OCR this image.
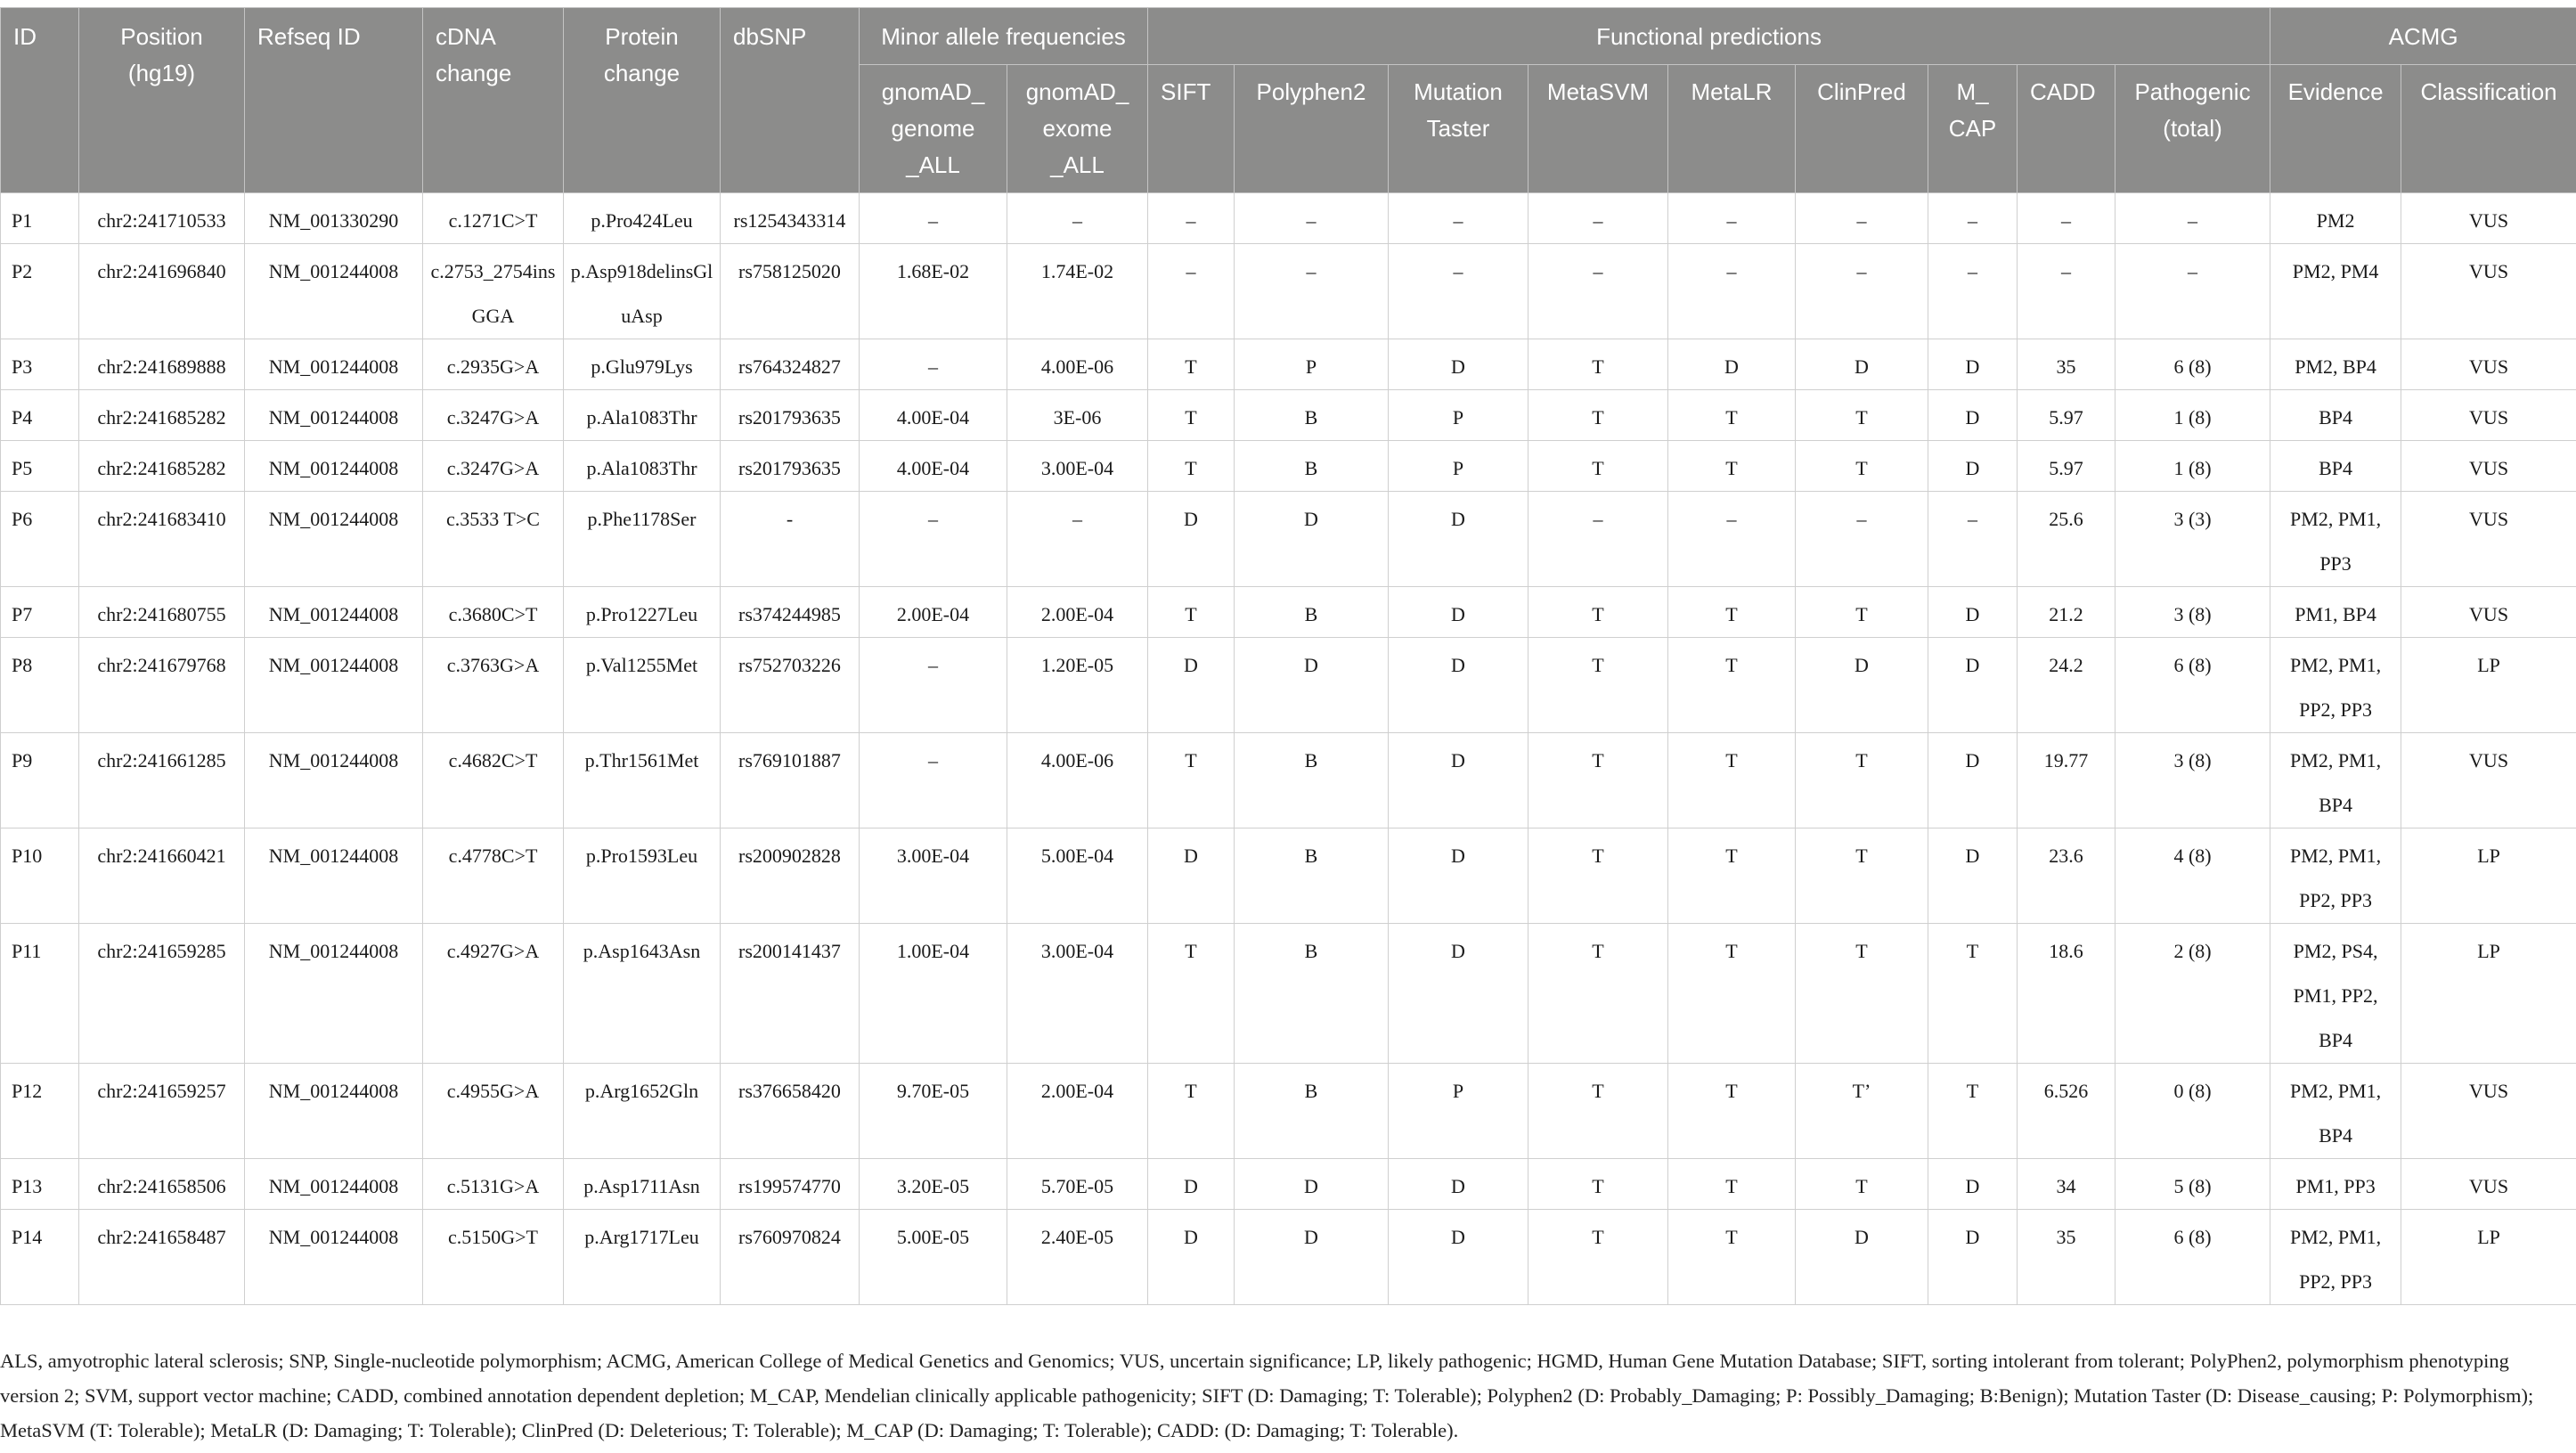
ID	Position (hg19)	Refseq ID	cDNA change	Protein change	dbSNP	Minor allele frequencies		Functional predictions									ACMG	
						gnomAD_ genome _ALL	gnomAD_ exome _ALL	SIFT	Polyphen2	Mutation Taster	MetaSVM	MetaLR	ClinPred	M_ CAP	CADD	Pathogenic (total)	Evidence	Classification
P1	chr2:241710533	NM_001330290	c.1271C>T	p.Pro424Leu	rs1254343314	–	–	–	–	–	–	–	–	–	–	–	PM2	VUS
P2	chr2:241696840	NM_001244008	c.2753_2754insGGA	p.Asp918delinsGluAsp	rs758125020	1.68E-02	1.74E-02	–	–	–	–	–	–	–	–	–	PM2, PM4	VUS
P3	chr2:241689888	NM_001244008	c.2935G>A	p.Glu979Lys	rs764324827	–	4.00E-06	T	P	D	T	D	D	D	35	6 (8)	PM2, BP4	VUS
P4	chr2:241685282	NM_001244008	c.3247G>A	p.Ala1083Thr	rs201793635	4.00E-04	3E-06	T	B	P	T	T	T	D	5.97	1 (8)	BP4	VUS
P5	chr2:241685282	NM_001244008	c.3247G>A	p.Ala1083Thr	rs201793635	4.00E-04	3.00E-04	T	B	P	T	T	T	D	5.97	1 (8)	BP4	VUS
P6	chr2:241683410	NM_001244008	c.3533 T>C	p.Phe1178Ser	-	–	–	D	D	D	–	–	–	–	25.6	3 (3)	PM2, PM1, PP3	VUS
P7	chr2:241680755	NM_001244008	c.3680C>T	p.Pro1227Leu	rs374244985	2.00E-04	2.00E-04	T	B	D	T	T	T	D	21.2	3 (8)	PM1, BP4	VUS
P8	chr2:241679768	NM_001244008	c.3763G>A	p.Val1255Met	rs752703226	–	1.20E-05	D	D	D	T	T	D	D	24.2	6 (8)	PM2, PM1, PP2, PP3	LP
P9	chr2:241661285	NM_001244008	c.4682C>T	p.Thr1561Met	rs769101887	–	4.00E-06	T	B	D	T	T	T	D	19.77	3 (8)	PM2, PM1, BP4	VUS
P10	chr2:241660421	NM_001244008	c.4778C>T	p.Pro1593Leu	rs200902828	3.00E-04	5.00E-04	D	B	D	T	T	T	D	23.6	4 (8)	PM2, PM1, PP2, PP3	LP
P11	chr2:241659285	NM_001244008	c.4927G>A	p.Asp1643Asn	rs200141437	1.00E-04	3.00E-04	T	B	D	T	T	T	T	18.6	2 (8)	PM2, PS4, PM1, PP2, BP4	LP
P12	chr2:241659257	NM_001244008	c.4955G>A	p.Arg1652Gln	rs376658420	9.70E-05	2.00E-04	T	B	P	T	T	T’	T	6.526	0 (8)	PM2, PM1, BP4	VUS
P13	chr2:241658506	NM_001244008	c.5131G>A	p.Asp1711Asn	rs199574770	3.20E-05	5.70E-05	D	D	D	T	T	T	D	34	5 (8)	PM1, PP3	VUS
P14	chr2:241658487	NM_001244008	c.5150G>T	p.Arg1717Leu	rs760970824	5.00E-05	2.40E-05	D	D	D	T	T	D	D	35	6 (8)	PM2, PM1, PP2, PP3	LP

ALS, amyotrophic lateral sclerosis; SNP, Single-nucleotide polymorphism; ACMG, American College of Medical Genetics and Genomics; VUS, uncertain significance; LP, likely pathogenic; HGMD, Human Gene Mutation Database; SIFT, sorting intolerant from tolerant; PolyPhen2, polymorphism phenotyping version 2; SVM, support vector machine; CADD, combined annotation dependent depletion; M_CAP, Mendelian clinically applicable pathogenicity; SIFT (D: Damaging; T: Tolerable); Polyphen2 (D: Probably_Damaging; P: Possibly_Damaging; B:Benign); Mutation Taster (D: Disease_causing; P: Polymorphism); MetaSVM (T: Tolerable); MetaLR (D: Damaging; T: Tolerable); ClinPred (D: Deleterious; T: Tolerable); M_CAP (D: Damaging; T: Tolerable); CADD: (D: Damaging; T: Tolerable).
